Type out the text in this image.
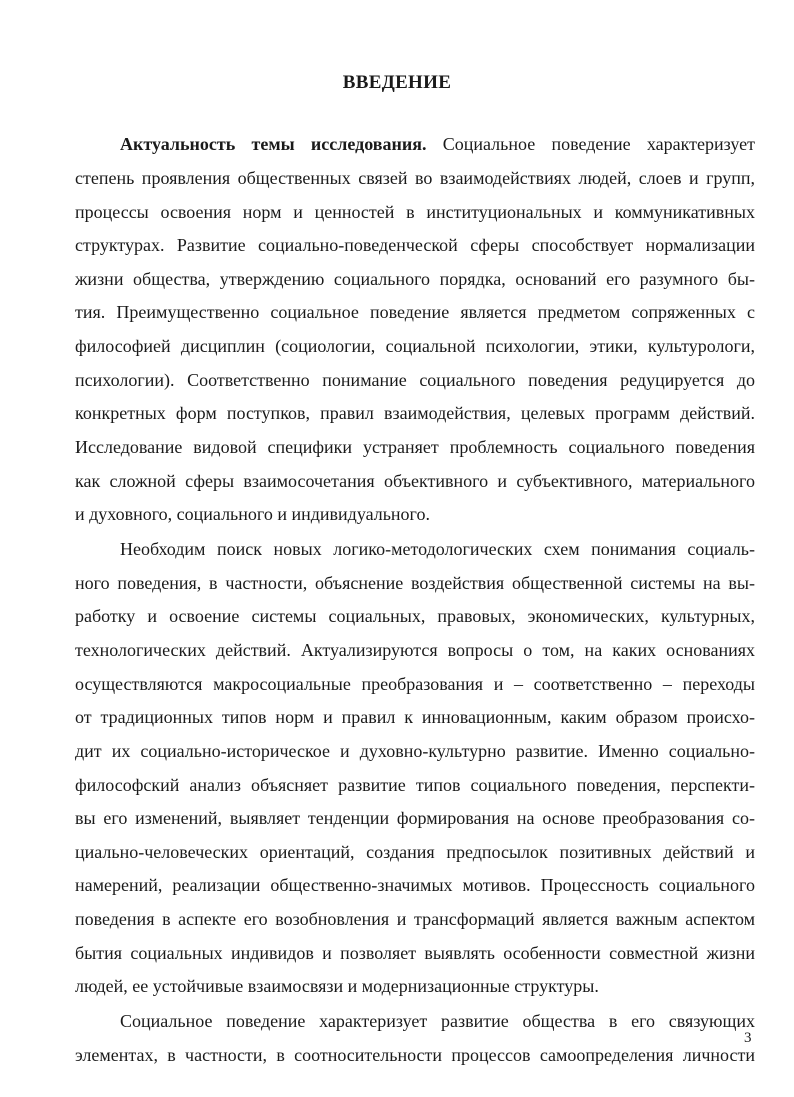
ВВЕДЕНИЕ
Актуальность темы исследования. Социальное поведение характеризует
степень проявления общественных связей во взаимодействиях людей, слоев и групп,
процессы освоения норм и ценностей в институциональных и коммуникативных
структурах. Развитие социально-поведенческой сферы способствует нормализации
жизни общества, утверждению социального порядка, оснований его разумного бы-
тия. Преимущественно социальное поведение является предметом сопряженных с
философией дисциплин (социологии, социальной психологии, этики, культурологи,
психологии). Соответственно понимание социального поведения редуцируется до
конкретных форм поступков, правил взаимодействия, целевых программ действий.
Исследование видовой специфики устраняет проблемность социального поведения
как сложной сферы взаимосочетания объективного и субъективного, материального
и духовного, социального и индивидуального.
Необходим поиск новых логико-методологических схем понимания социаль-
ного поведения, в частности, объяснение воздействия общественной системы на вы-
работку и освоение системы социальных, правовых, экономических, культурных,
технологических действий. Актуализируются вопросы о том, на каких основаниях
осуществляются макросоциальные преобразования и – соответственно – переходы
от традиционных типов норм и правил к инновационным, каким образом происхо-
дит их социально-историческое и духовно-культурно развитие. Именно социально-
философский анализ объясняет развитие типов социального поведения, перспекти-
вы его изменений, выявляет тенденции формирования на основе преобразования со-
циально-человеческих ориентаций, создания предпосылок позитивных действий и
намерений, реализации общественно-значимых мотивов. Процессность социального
поведения в аспекте его возобновления и трансформаций является важным аспектом
бытия социальных индивидов и позволяет выявлять особенности совместной жизни
людей, ее устойчивые взаимосвязи и модернизационные структуры.
Социальное поведение характеризует развитие общества в его связующих
элементах, в частности, в соотносительности процессов самоопределения личности
3
